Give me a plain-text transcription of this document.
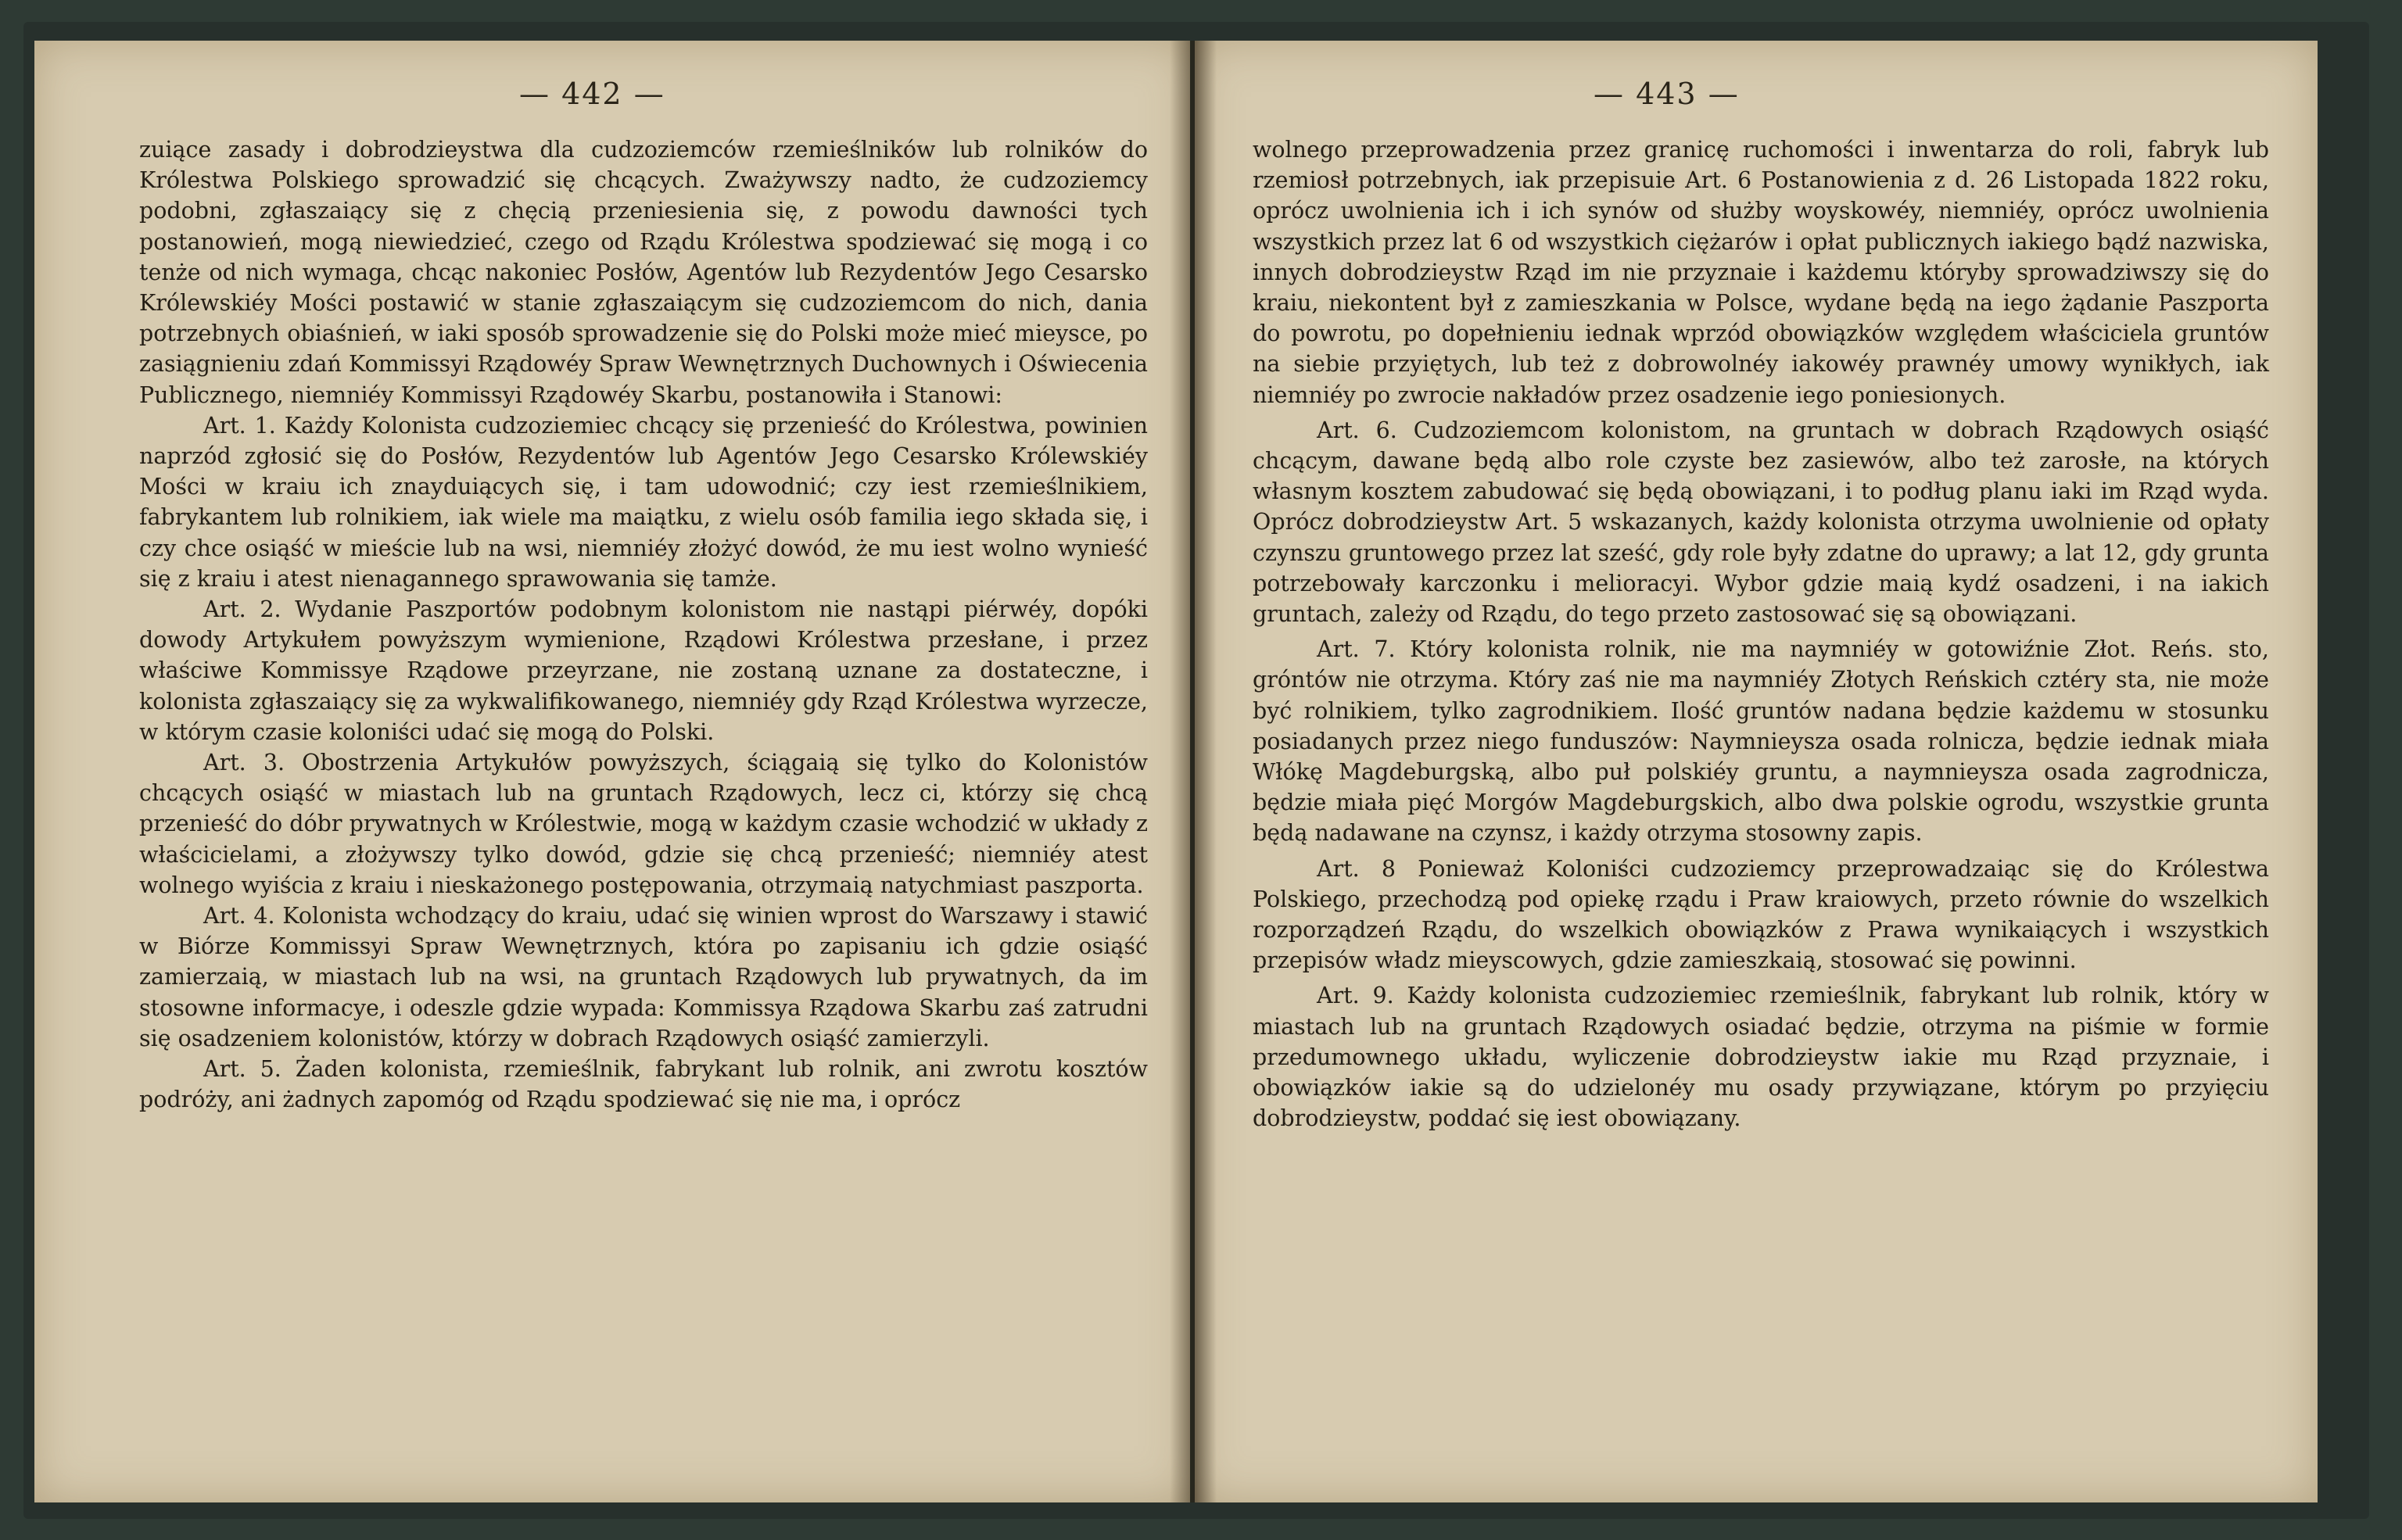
— 442 —

zuiące zasady i dobrodzieystwa dla cudzoziemców rzemieślników lub rolników do Królestwa Polskiego sprowadzić się chcących. Zważywszy nadto, że cudzoziemcy podobni, zgłaszaiący się z chęcią przeniesienia się, z powodu dawności tych postanowień, mogą niewiedzieć, czego od Rządu Królestwa spodziewać się mogą i co tenże od nich wymaga, chcąc nakoniec Posłów, Agentów lub Rezydentów Jego Cesarsko Królewskiéy Mości postawić w stanie zgłaszaiącym się cudzoziemcom do nich, dania potrzebnych obiaśnień, w iaki sposób sprowadzenie się do Polski może mieć mieysce, po zasiągnieniu zdań Kommissyi Rządowéy Spraw Wewnętrznych Duchownych i Oświecenia Publicznego, niemniéy Kommissyi Rządowéy Skarbu, postanowiła i Stanowi:

Art. 1. Każdy Kolonista cudzoziemiec chcący się przenieść do Królestwa, powinien naprzód zgłosić się do Posłów, Rezydentów lub Agentów Jego Cesarsko Królewskiéy Mości w kraiu ich znayduiących się, i tam udowodnić; czy iest rzemieślnikiem, fabrykantem lub rolnikiem, iak wiele ma maiątku, z wielu osób familia iego składa się, i czy chce osiąść w mieście lub na wsi, niemniéy złożyć dowód, że mu iest wolno wynieść się z kraiu i atest nienagannego sprawowania się tamże.

Art. 2. Wydanie Paszportów podobnym kolonistom nie nastąpi piérwéy, dopóki dowody Artykułem powyższym wymienione, Rządowi Królestwa przesłane, i przez właściwe Kommissye Rządowe przeyrzane, nie zostaną uznane za dostateczne, i kolonista zgłaszaiący się za wykwalifikowanego, niemniéy gdy Rząd Królestwa wyrzecze, w którym czasie koloniści udać się mogą do Polski.

Art. 3. Obostrzenia Artykułów powyższych, ściągaią się tylko do Kolonistów chcących osiąść w miastach lub na gruntach Rządowych, lecz ci, którzy się chcą przenieść do dóbr prywatnych w Królestwie, mogą w każdym czasie wchodzić w układy z właścicielami, a złożywszy tylko dowód, gdzie się chcą przenieść; niemniéy atest wolnego wyiścia z kraiu i nieskażonego postępowania, otrzymaią natychmiast paszporta.

Art. 4. Kolonista wchodzący do kraiu, udać się winien wprost do Warszawy i stawić w Biórze Kommissyi Spraw Wewnętrznych, która po zapisaniu ich gdzie osiąść zamierzaią, w miastach lub na wsi, na gruntach Rządowych lub prywatnych, da im stosowne informacye, i odeszle gdzie wypada: Kommissya Rządowa Skarbu zaś zatrudni się osadzeniem kolonistów, którzy w dobrach Rządowych osiąść zamierzyli.

Art. 5. Żaden kolonista, rzemieślnik, fabrykant lub rolnik, ani zwrotu kosztów podróży, ani żadnych zapomóg od Rządu spodziewać się nie ma, i oprócz

— 443 —

wolnego przeprowadzenia przez granicę ruchomości i inwentarza do roli, fabryk lub rzemiosł potrzebnych, iak przepisuie Art. 6 Postanowienia z d. 26 Listopada 1822 roku, oprócz uwolnienia ich i ich synów od służby woyskowéy, niemniéy, oprócz uwolnienia wszystkich przez lat 6 od wszystkich ciężarów i opłat publicznych iakiego bądź nazwiska, innych dobrodzieystw Rząd im nie przyznaie i każdemu któryby sprowadziwszy się do kraiu, niekontent był z zamieszkania w Polsce, wydane będą na iego żądanie Paszporta do powrotu, po dopełnieniu iednak wprzód obowiązków względem właściciela gruntów na siebie przyiętych, lub też z dobrowolnéy iakowéy prawnéy umowy wynikłych, iak niemniéy po zwrocie nakładów przez osadzenie iego poniesionych.

Art. 6. Cudzoziemcom kolonistom, na gruntach w dobrach Rządowych osiąść chcącym, dawane będą albo role czyste bez zasiewów, albo też zarosłe, na których własnym kosztem zabudować się będą obowiązani, i to podług planu iaki im Rząd wyda. Oprócz dobrodzieystw Art. 5 wskazanych, każdy kolonista otrzyma uwolnienie od opłaty czynszu gruntowego przez lat sześć, gdy role były zdatne do uprawy; a lat 12, gdy grunta potrzebowały karczonku i melioracyi. Wybor gdzie maią kydź osadzeni, i na iakich gruntach, zależy od Rządu, do tego przeto zastosować się są obowiązani.

Art. 7. Który kolonista rolnik, nie ma naymniéy w gotowiźnie Złot. Reńs. sto, gróntów nie otrzyma. Który zaś nie ma naymniéy Złotych Reńskich cztéry sta, nie może być rolnikiem, tylko zagrodnikiem. Ilość gruntów nadana będzie każdemu w stosunku posiadanych przez niego funduszów: Naymnieysza osada rolnicza, będzie iednak miała Włókę Magdeburgską, albo puł polskiéy gruntu, a naymnieysza osada zagrodnicza, będzie miała pięć Morgów Magdeburgskich, albo dwa polskie ogrodu, wszystkie grunta będą nadawane na czynsz, i każdy otrzyma stosowny zapis.

Art. 8 Ponieważ Koloniści cudzoziemcy przeprowadzaiąc się do Królestwa Polskiego, przechodzą pod opiekę rządu i Praw kraiowych, przeto równie do wszelkich rozporządzeń Rządu, do wszelkich obowiązków z Prawa wynikaiących i wszystkich przepisów władz mieyscowych, gdzie zamieszkaią, stosować się powinni.

Art. 9. Każdy kolonista cudzoziemiec rzemieślnik, fabrykant lub rolnik, który w miastach lub na gruntach Rządowych osiadać będzie, otrzyma na piśmie w formie przedumownego układu, wyliczenie dobrodzieystw iakie mu Rząd przyznaie, i obowiązków iakie są do udzielonéy mu osady przywiązane, którym po przyięciu dobrodzieystw, poddać się iest obowiązany.
